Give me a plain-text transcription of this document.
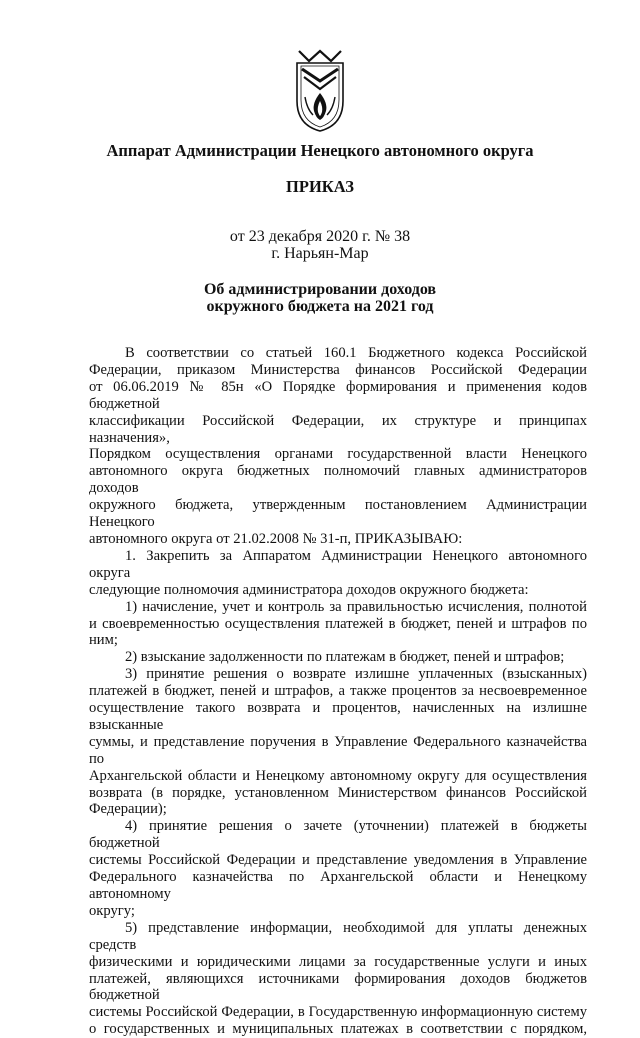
Аппарат Администрации Ненецкого автономного округа
ПРИКАЗ
от 23 декабря 2020 г. № 38
г. Нарьян-Мар
Об администрировании доходов
окружного бюджета на 2021 год

В соответствии со статьей 160.1 Бюджетного кодекса Российской

Федерации, приказом Министерства финансов Российской Федерации

от 06.06.2019 № 85н «О Порядке формирования и применения кодов бюджетной

классификации Российской Федерации, их структуре и принципах назначения»,

Порядком осуществления органами государственной власти Ненецкого

автономного округа бюджетных полномочий главных администраторов доходов

окружного бюджета, утвержденным постановлением Администрации Ненецкого

автономного округа от 21.02.2008 № 31-п, ПРИКАЗЫВАЮ:

1. Закрепить за Аппаратом Администрации Ненецкого автономного округа

следующие полномочия администратора доходов окружного бюджета:

1) начисление, учет и контроль за правильностью исчисления, полнотой

и своевременностью осуществления платежей в бюджет, пеней и штрафов по ним;

2) взыскание задолженности по платежам в бюджет, пеней и штрафов;

3) принятие решения о возврате излишне уплаченных (взысканных)

платежей в бюджет, пеней и штрафов, а также процентов за несвоевременное

осуществление такого возврата и процентов, начисленных на излишне взысканные

суммы, и представление поручения в Управление Федерального казначейства по

Архангельской области и Ненецкому автономному округу для осуществления

возврата (в порядке, установленном Министерством финансов Российской

Федерации);

4) принятие решения о зачете (уточнении) платежей в бюджеты бюджетной

системы Российской Федерации и представление уведомления в Управление

Федерального казначейства по Архангельской области и Ненецкому автономному

округу;

5) представление информации, необходимой для уплаты денежных средств

физическими и юридическими лицами за государственные услуги и иных

платежей, являющихся источниками формирования доходов бюджетов бюджетной

системы Российской Федерации, в Государственную информационную систему

о государственных и муниципальных платежах в соответствии с порядком,
